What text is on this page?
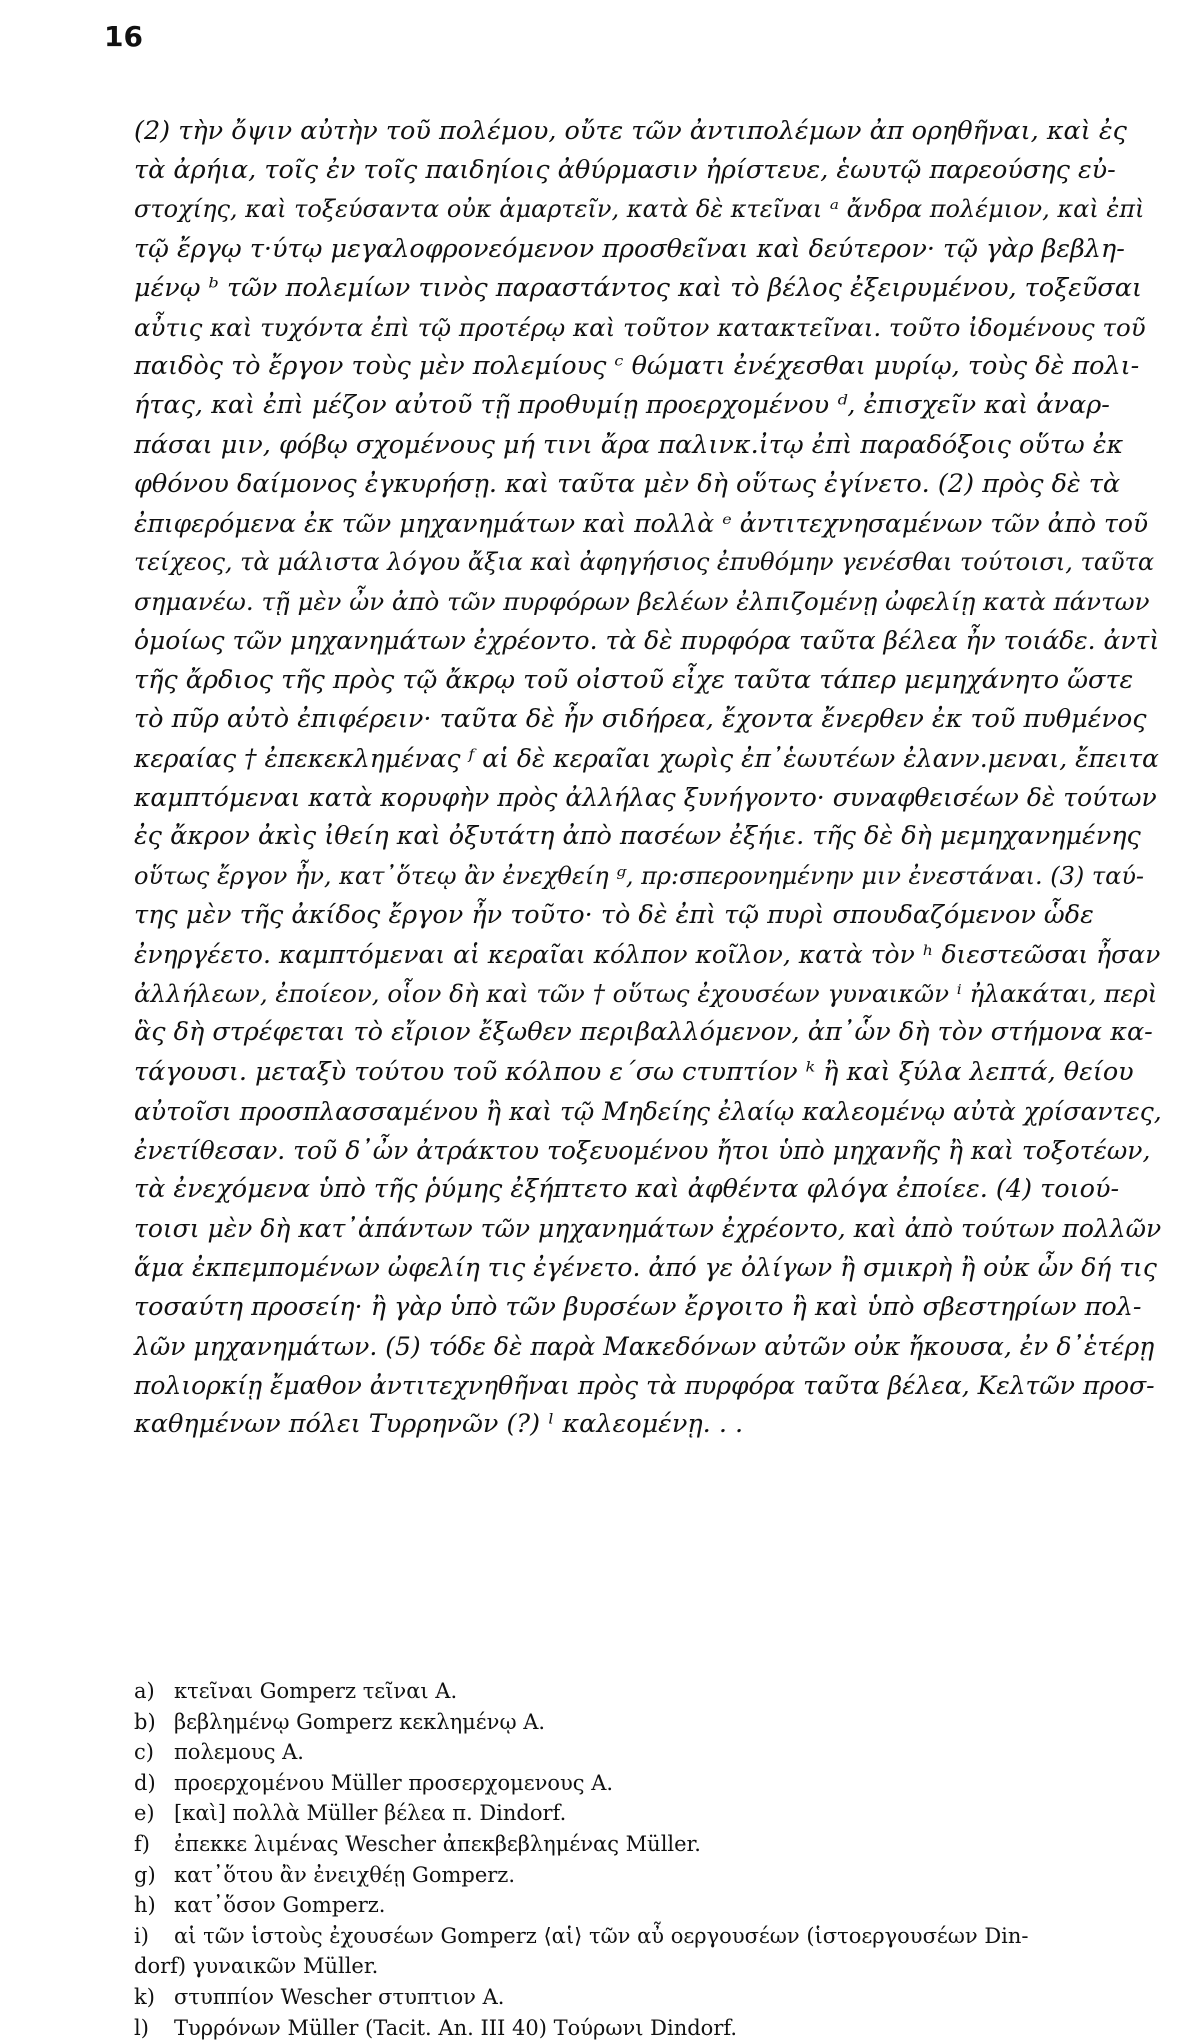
16
(2) τὴν ὄψιν αὐτὴν τοῦ πολέμου, οὔτε τῶν ἀντιπολέμων ἀπ ορηθῆναι, καὶ ἐς
τὰ ἀρήια, τοῖς ἐν τοῖς παιδηίοις ἀθύρμασιν ἠρίστευε, ἑωυτῷ παρεούσης εὐ-
στοχίης, καὶ τοξεύσαντα οὐκ ἁμαρτεῖν, κατὰ δὲ κτεῖναι ᵃ ἄνδρα πολέμιον, καὶ ἐπὶ
τῷ ἔργῳ τ·ύτῳ μεγαλοφρονεόμενον προσθεῖναι καὶ δεύτερον· τῷ γὰρ βεβλη-
μένῳ ᵇ τῶν πολεμίων τινὸς παραστάντος καὶ τὸ βέλος ἐξειρυμένου, τοξεῦσαι
αὖτις καὶ τυχόντα ἐπὶ τῷ προτέρῳ καὶ τοῦτον κατακτεῖναι. τοῦτο ἰδομένους τοῦ
παιδὸς τὸ ἔργον τοὺς μὲν πολεμίους ᶜ θώματι ἐνέχεσθαι μυρίῳ, τοὺς δὲ πολι-
ήτας, καὶ ἐπὶ μέζον αὐτοῦ τῇ προθυμίῃ προερχομένου ᵈ, ἐπισχεῖν καὶ ἀναρ-
πάσαι μιν, φόβῳ σχομένους μή τινι ἄρα παλινκ.ἰτῳ ἐπὶ παραδόξοις οὕτω ἐκ
φθόνου δαίμονος ἐγκυρήσῃ. καὶ ταῦτα μὲν δὴ οὕτως ἐγίνετο. (2) πρὸς δὲ τὰ
ἐπιφερόμενα ἐκ τῶν μηχανημάτων καὶ πολλὰ ᵉ ἀντιτεχνησαμένων τῶν ἀπὸ τοῦ
τείχεος, τὰ μάλιστα λόγου ἄξια καὶ ἀφηγήσιος ἐπυθόμην γενέσθαι τούτοισι, ταῦτα
σημανέω. τῇ μὲν ὦν ἀπὸ τῶν πυρφόρων βελέων ἐλπιζομένῃ ὠφελίῃ κατὰ πάντων
ὁμοίως τῶν μηχανημάτων ἐχρέοντο. τὰ δὲ πυρφόρα ταῦτα βέλεα ἦν τοιάδε. ἀντὶ
τῆς ἄρδιος τῆς πρὸς τῷ ἄκρῳ τοῦ οἰστοῦ εἶχε ταῦτα τάπερ μεμηχάνητο ὥστε
τὸ πῦρ αὐτὸ ἐπιφέρειν· ταῦτα δὲ ἦν σιδήρεα, ἔχοντα ἔνερθεν ἐκ τοῦ πυθμένος
κεραίας † ἐπεκεκλημένας ᶠ αἱ δὲ κεραῖαι χωρὶς ἐπ᾽ἑωυτέων ἐλανν.μεναι, ἔπειτα
καμπτόμεναι κατὰ κορυφὴν πρὸς ἀλλήλας ξυνήγοντο· συναφθεισέων δὲ τούτων
ἐς ἄκρον ἀκὶς ἰθείη καὶ ὀξυτάτη ἀπὸ πασέων ἐξήιε. τῆς δὲ δὴ μεμηχανημένης
οὕτως ἔργον ἦν, κατ᾽ὅτεῳ ἂν ἐνεχθείη ᵍ, πρ:σπερονημένην μιν ἐνεστάναι. (3) ταύ-
της μὲν τῆς ἀκίδος ἔργον ἦν τοῦτο· τὸ δὲ ἐπὶ τῷ πυρὶ σπουδαζόμενον ὧδε
ἐνηργέετο. καμπτόμεναι αἱ κεραῖαι κόλπον κοῖλον, κατὰ τὸν ʰ διεστεῶσαι ἦσαν
ἀλλήλεων, ἐποίεον, οἷον δὴ καὶ τῶν † οὕτως ἐχουσέων γυναικῶν ⁱ ἠλακάται, περὶ
ἃς δὴ στρέφεται τὸ εἴριον ἔξωθεν περιβαλλόμενον, ἀπ᾽ὧν δὴ τὸν στήμονα κα-
τάγουσι. μεταξὺ τούτου τοῦ κόλπου ε΄σω ϲτυπτίον ᵏ ἢ καὶ ξύλα λεπτά, θείου
αὐτοῖσι προσπλασσαμένου ἢ καὶ τῷ Μηδείης ἐλαίῳ καλεομένῳ αὐτὰ χρίσαντες,
ἐνετίθεσαν. τοῦ δ᾽ὦν ἀτράκτου τοξευομένου ἤτοι ὑπὸ μηχανῆς ἢ καὶ τοξοτέων,
τὰ ἐνεχόμενα ὑπὸ τῆς ῥύμης ἐξήπτετο καὶ ἀφθέντα φλόγα ἐποίεε. (4) τοιού-
τοισι μὲν δὴ κατ᾽ἁπάντων τῶν μηχανημάτων ἐχρέοντο, καὶ ἀπὸ τούτων πολλῶν
ἅμα ἐκπεμπομένων ὠφελίη τις ἐγένετο. ἀπό γε ὀλίγων ἢ σμικρὴ ἢ οὐκ ὦν δή τις
τοσαύτη προσείη· ἢ γὰρ ὑπὸ τῶν βυρσέων ἔργοιτο ἢ καὶ ὑπὸ σβεστηρίων πολ-
λῶν μηχανημάτων. (5) τόδε δὲ παρὰ Μακεδόνων αὐτῶν οὐκ ἤκουσα, ἐν δ᾽ἑτέρῃ
πολιορκίῃ ἔμαθον ἀντιτεχνηθῆναι πρὸς τὰ πυρφόρα ταῦτα βέλεα, Κελτῶν προσ-
καθημένων πόλει Τυρρηνῶν (?) ˡ καλεομένῃ. . .
a) κτεῖναι Gomperz τεῖναι A.
b) βεβλημένῳ Gomperz κεκλημένῳ A.
c) πολεμους A.
d) προερχομένου Müller προσερχομενους A.
e) [καὶ] πολλὰ Müller βέλεα π. Dindorf.
f) ἐπεκκε λιμένας Wescher ἀπεκβεβλημένας Müller.
g) κατ᾽ὅτου ἂν ἐνειχθέῃ Gomperz.
h) κατ᾽ὅσον Gomperz.
i) αἱ τῶν ἱστοὺς ἐχουσέων Gomperz ⟨αἱ⟩ τῶν αὖ οεργουσέων (ἱστοεργουσέων Din-
dorf) γυναικῶν Müller.
k) στυππίον Wescher στυπτιον A.
l) Τυρρόνων Müller (Tacit. An. III 40) Τούρωνι Dindorf.
